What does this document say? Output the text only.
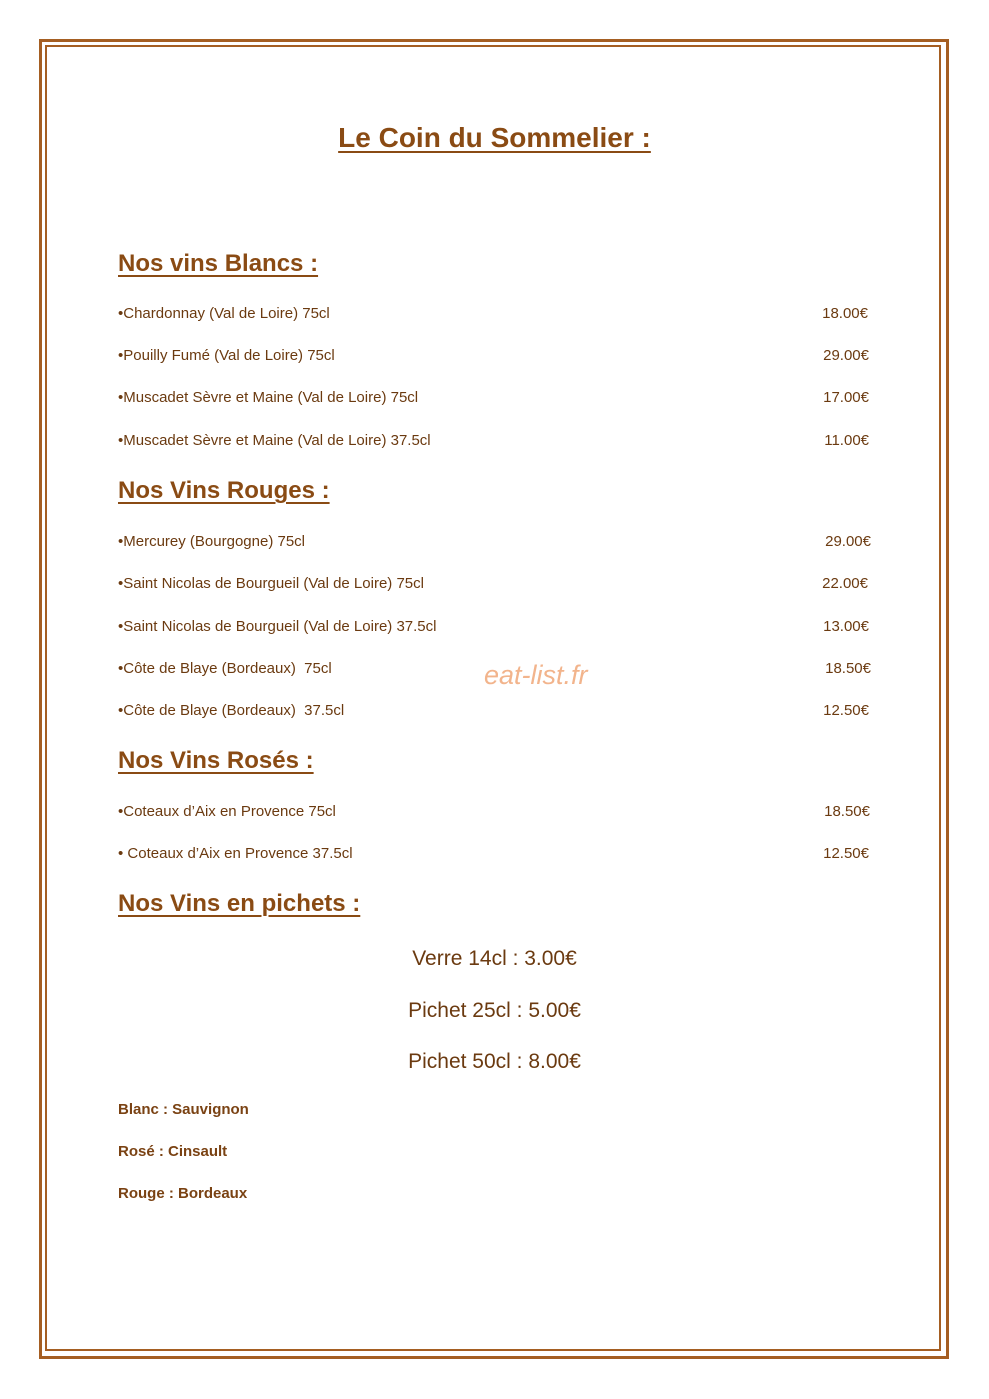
Le Coin du Sommelier :
Nos vins Blancs :
•Chardonnay (Val de Loire) 75cl	18.00€
•Pouilly Fumé (Val de Loire) 75cl	29.00€
•Muscadet Sèvre et Maine (Val de Loire) 75cl	17.00€
•Muscadet Sèvre et Maine (Val de Loire) 37.5cl	11.00€
Nos Vins Rouges :
•Mercurey (Bourgogne) 75cl	29.00€
•Saint Nicolas de Bourgueil (Val de Loire) 75cl	22.00€
•Saint Nicolas de Bourgueil (Val de Loire) 37.5cl	13.00€
•Côte de Blaye (Bordeaux)  75cl	18.50€
•Côte de Blaye (Bordeaux)  37.5cl	12.50€
Nos Vins Rosés :
•Coteaux d’Aix en Provence 75cl	18.50€
• Coteaux d’Aix en Provence 37.5cl	12.50€
Nos Vins en pichets :
Verre 14cl : 3.00€
Pichet 25cl : 5.00€
Pichet 50cl : 8.00€
Blanc : Sauvignon
Rosé : Cinsault
Rouge : Bordeaux
eat-list.fr
